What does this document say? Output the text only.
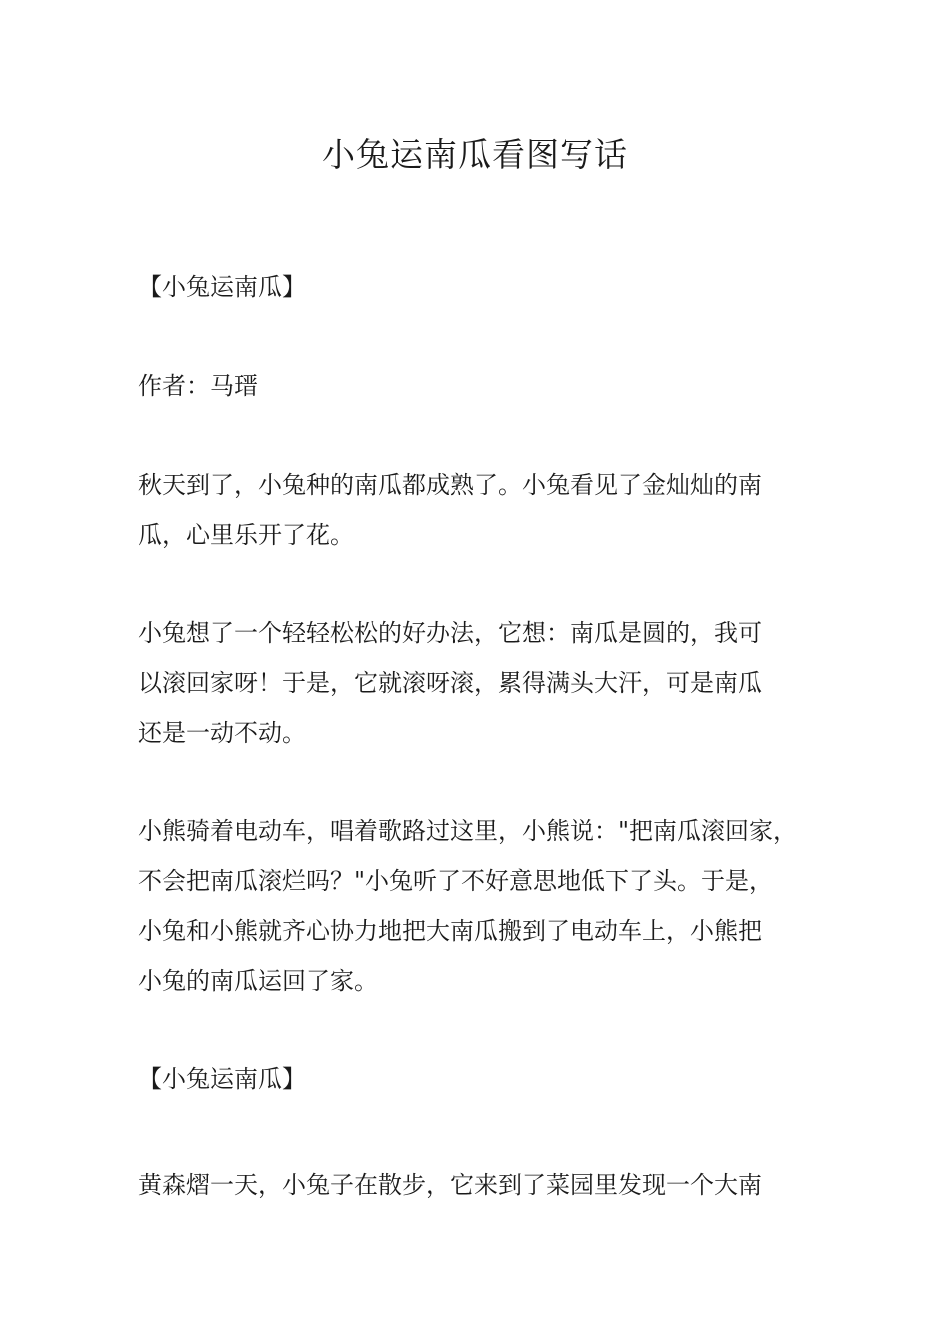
小兔运南瓜看图写话
【小兔运南瓜】
作者：马瑨
秋天到了，小兔种的南瓜都成熟了。小兔看见了金灿灿的南
瓜，心里乐开了花。
小兔想了一个轻轻松松的好办法，它想：南瓜是圆的，我可
以滚回家呀！于是，它就滚呀滚，累得满头大汗，可是南瓜
还是一动不动。
小熊骑着电动车，唱着歌路过这里，小熊说："把南瓜滚回家，
不会把南瓜滚烂吗？"小兔听了不好意思地低下了头。于是，
小兔和小熊就齐心协力地把大南瓜搬到了电动车上，小熊把
小兔的南瓜运回了家。
【小兔运南瓜】
黄森熠一天，小兔子在散步，它来到了菜园里发现一个大南
